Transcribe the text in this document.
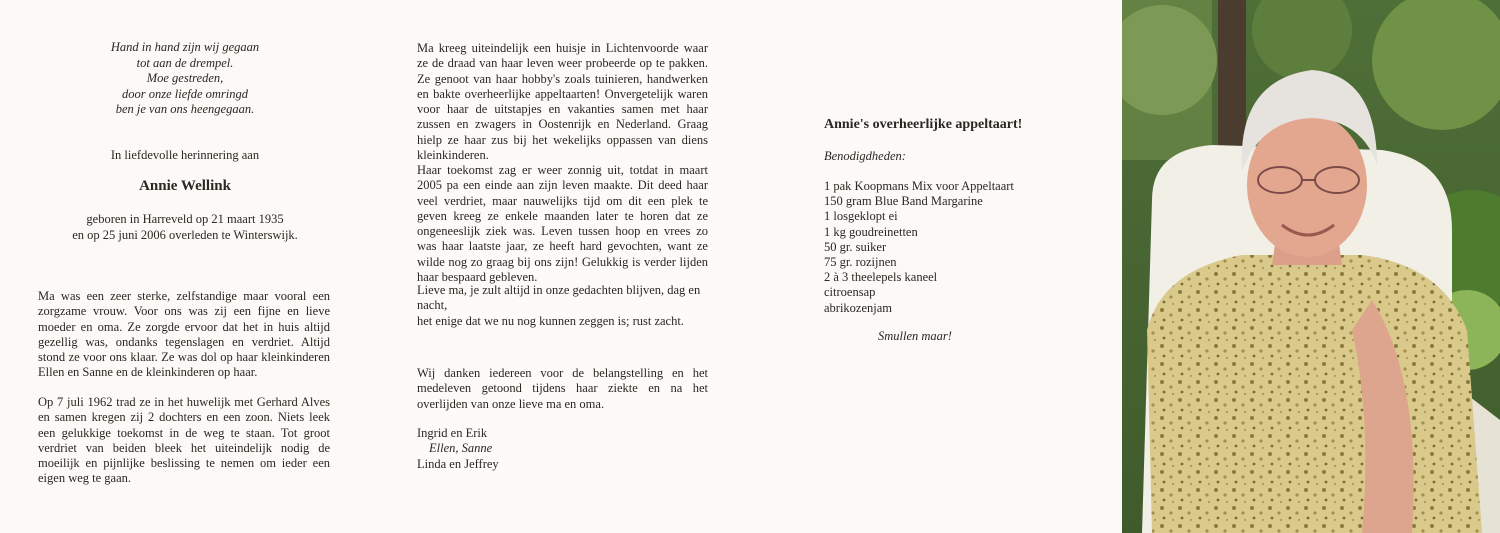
Hand in hand zijn wij gegaan
tot aan de drempel.
Moe gestreden,
door onze liefde omringd
ben je van ons heengegaan.
In liefdevolle herinnering aan
Annie Wellink
geboren in Harreveld op 21 maart 1935
en op 25 juni 2006 overleden te Winterswijk.
Ma was een zeer sterke, zelfstandige maar vooral een zorgzame vrouw. Voor ons was zij een fijne en lieve moeder en oma. Ze zorgde ervoor dat het in huis altijd gezellig was, ondanks tegenslagen en verdriet. Altijd stond ze voor ons klaar. Ze was dol op haar kleinkinderen Ellen en Sanne en de kleinkinderen op haar.
Op 7 juli 1962 trad ze in het huwelijk met Gerhard Alves en samen kregen zij 2 dochters en een zoon. Niets leek een gelukkige toekomst in de weg te staan. Tot groot verdriet van beiden bleek het uiteindelijk nodig de moeilijk en pijnlijke beslissing te nemen om ieder een eigen weg te gaan.
Ma kreeg uiteindelijk een huisje in Lichtenvoorde waar ze de draad van haar leven weer probeerde op te pakken. Ze genoot van haar hobby's zoals tuinieren, handwerken en bakte overheerlijke appeltaarten! Onvergetelijk waren voor haar de uitstapjes en vakanties samen met haar zussen en zwagers in Oostenrijk en Nederland. Graag hielp ze haar zus bij het wekelijks oppassen van diens kleinkinderen.
Haar toekomst zag er weer zonnig uit, totdat in maart 2005 pa een einde aan zijn leven maakte. Dit deed haar veel verdriet, maar nauwelijks tijd om dit een plek te geven kreeg ze enkele maanden later te horen dat ze ongeneeslijk ziek was. Leven tussen hoop en vrees zo was haar laatste jaar, ze heeft hard gevochten, want ze wilde nog zo graag bij ons zijn! Gelukkig is verder lijden haar bespaard gebleven.
Lieve ma, je zult altijd in onze gedachten blijven, dag en nacht,
het enige dat we nu nog kunnen zeggen is; rust zacht.
Wij danken iedereen voor de belangstelling en het medeleven getoond tijdens haar ziekte en na het overlijden van onze lieve ma en oma.
Ingrid en Erik
Ellen, Sanne
Linda en Jeffrey
Annie's overheerlijke appeltaart!
Benodigdheden:
1 pak Koopmans Mix voor Appeltaart
150 gram Blue Band Margarine
1 losgeklopt ei
1 kg goudreinetten
50 gr. suiker
75 gr. rozijnen
2 à 3 theelepels kaneel
citroensap
abrikozenjam
Smullen maar!
